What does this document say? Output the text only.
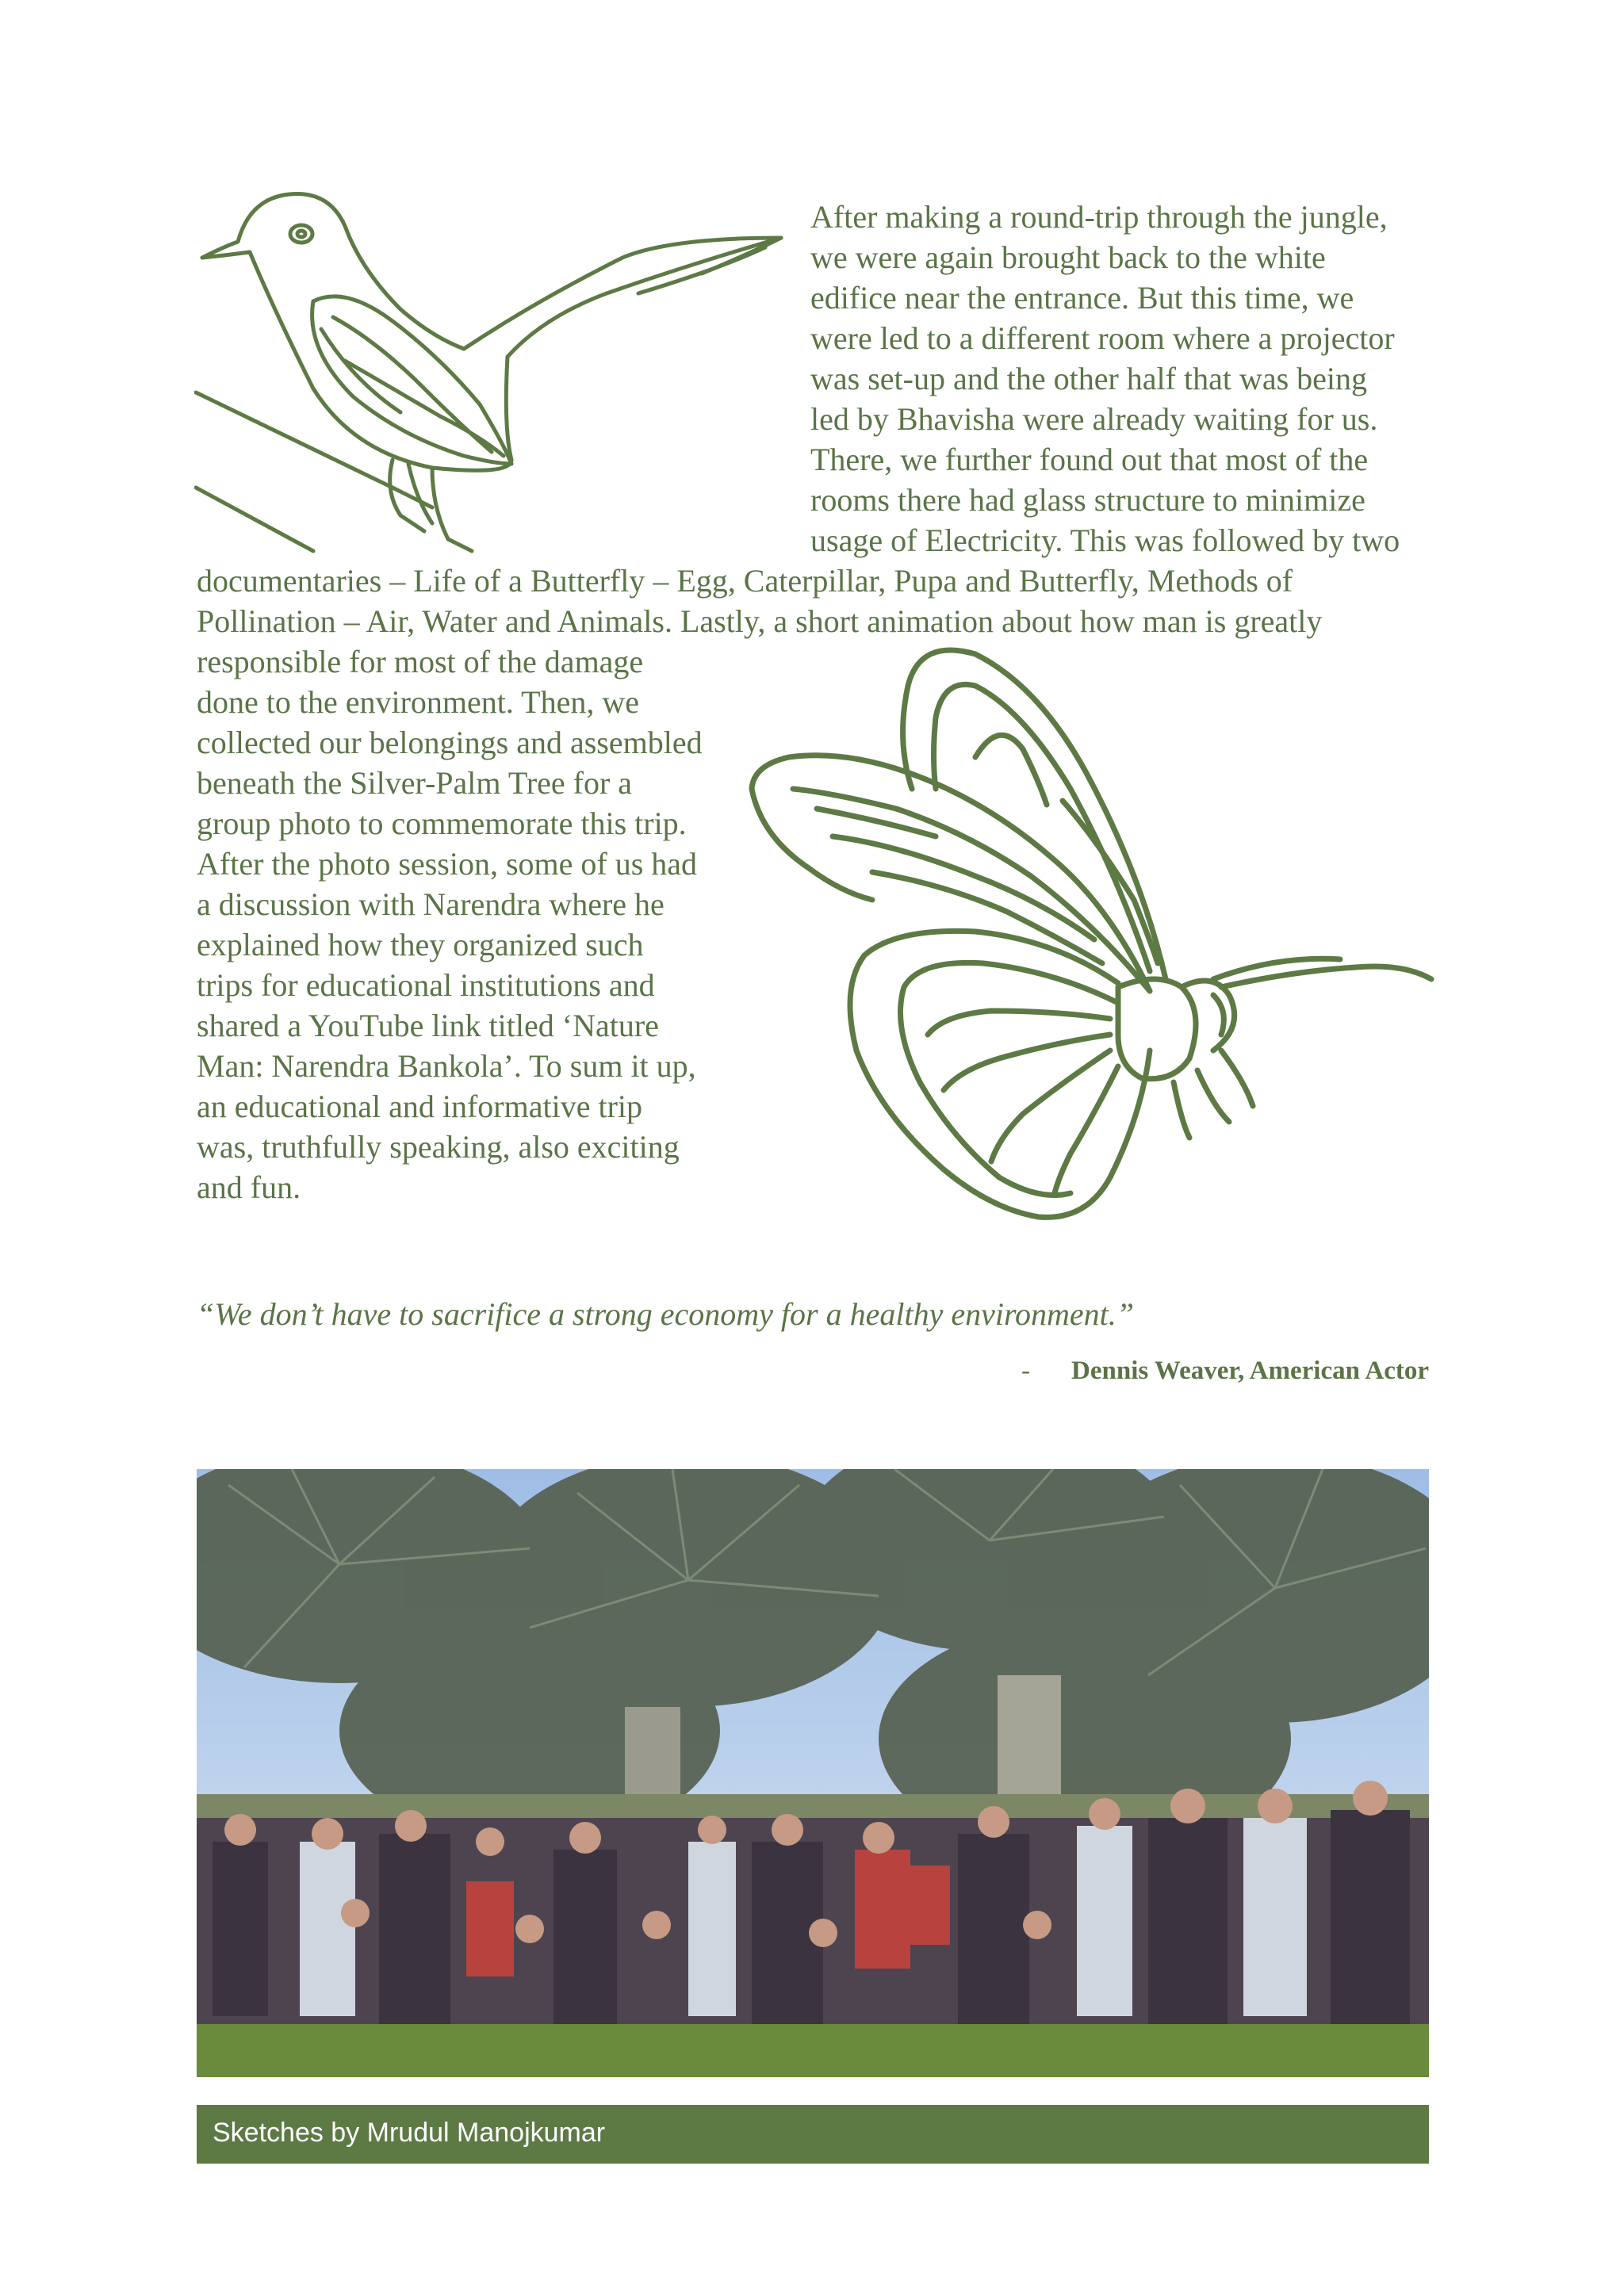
After making a round-trip through the jungle,

we were again brought back to the white

edifice near the entrance. But this time, we

were led to a different room where a projector

was set-up and the other half that was being

led by Bhavisha were already waiting for us.

There, we further found out that most of the

rooms there had glass structure to minimize

usage of Electricity. This was followed by two

documentaries – Life of a Butterfly – Egg, Caterpillar, Pupa and Butterfly, Methods of

Pollination – Air, Water and Animals. Lastly, a short animation about how man is greatly

responsible for most of the damage

done to the environment. Then, we

collected our belongings and assembled

beneath the Silver-Palm Tree for a

group photo to commemorate this trip.

After the photo session, some of us had

a discussion with Narendra where he

explained how they organized such

trips for educational institutions and

shared a YouTube link titled ‘Nature

Man: Narendra Bankola’. To sum it up,

an educational and informative trip

was, truthfully speaking, also exciting

and fun.

“We don’t have to sacrifice a strong economy for a healthy environment.”
- Dennis Weaver, American Actor
Sketches by Mrudul Manojkumar
